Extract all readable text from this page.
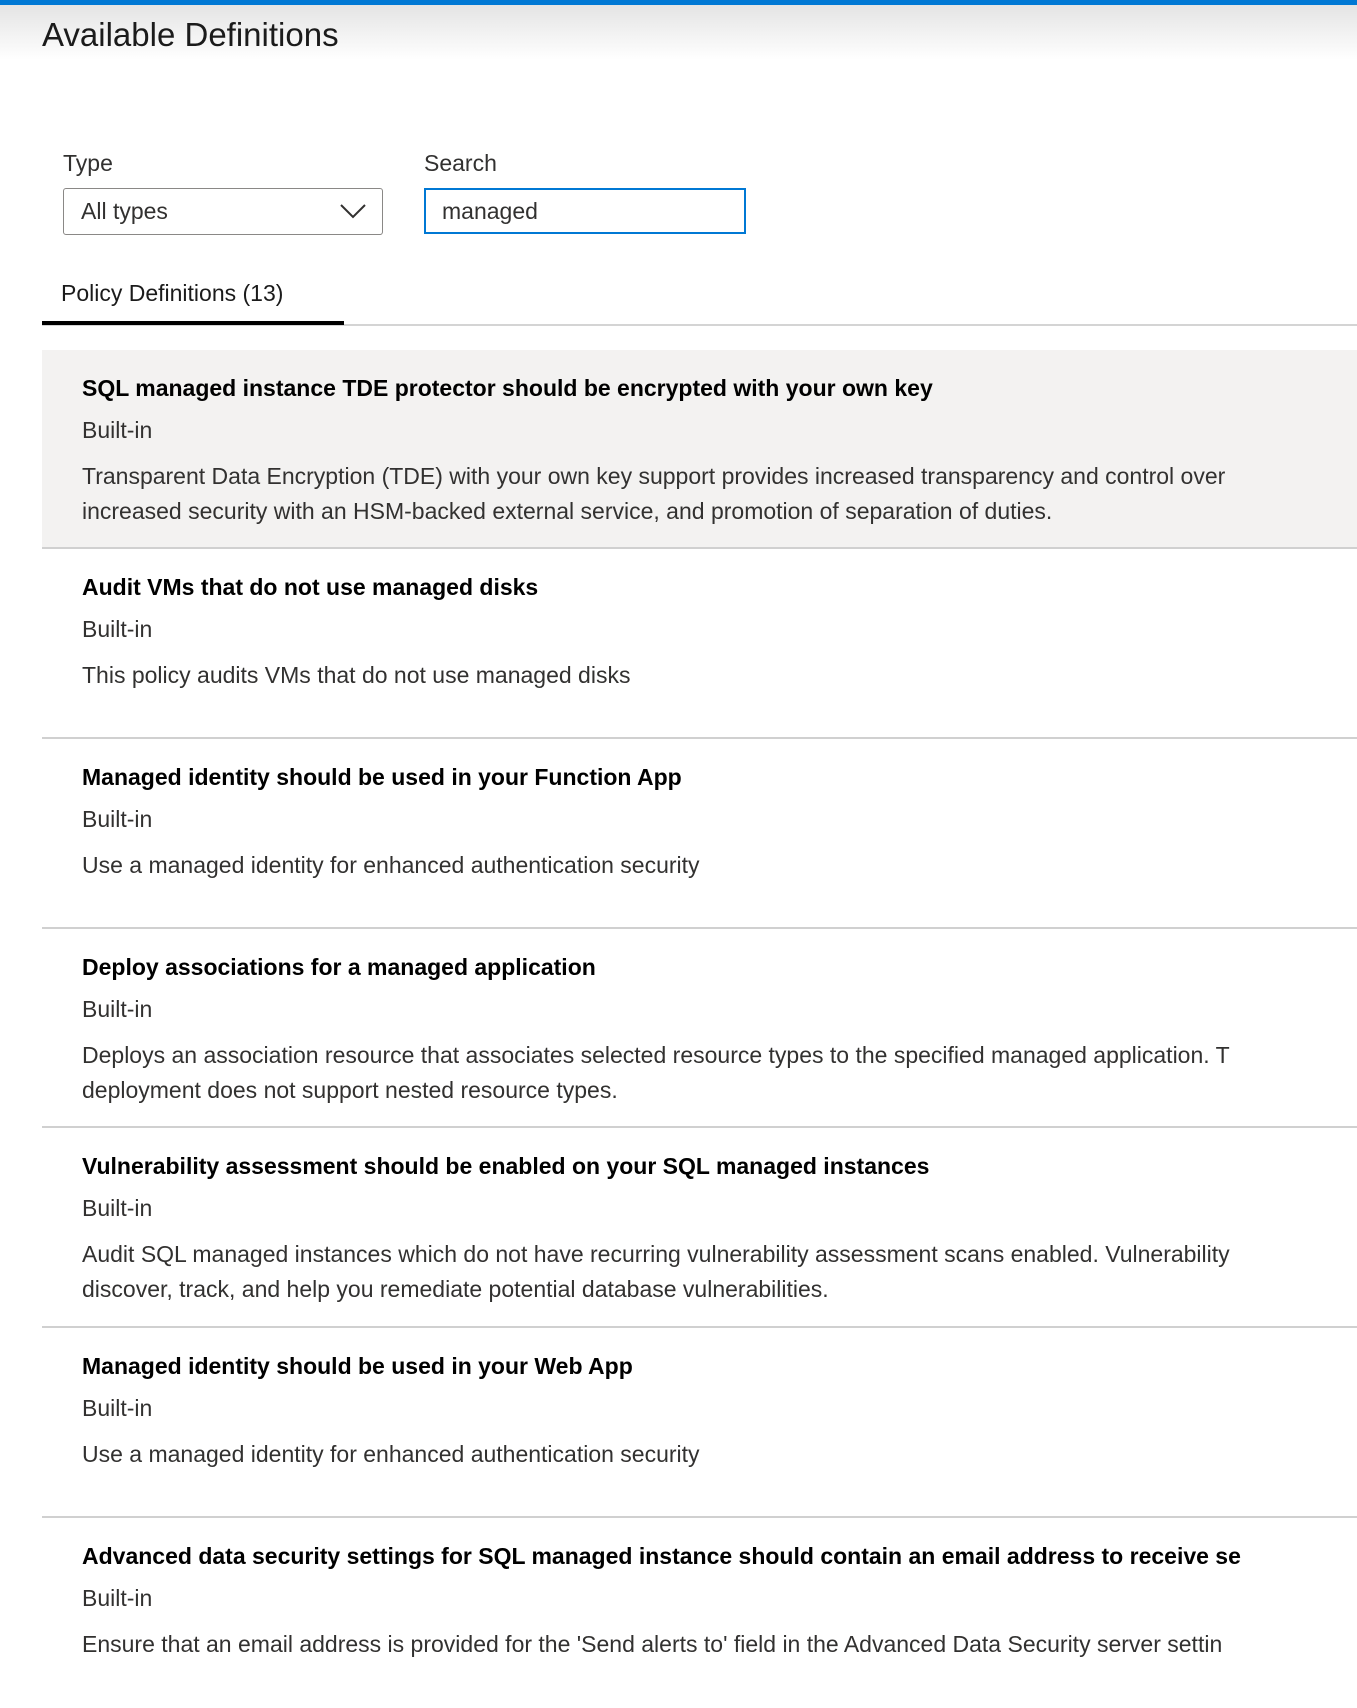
Available Definitions
Type
All types
Search
managed
Policy Definitions (13)
SQL managed instance TDE protector should be encrypted with your own key
Built-in
Transparent Data Encryption (TDE) with your own key support provides increased transparency and control over
increased security with an HSM-backed external service, and promotion of separation of duties.
Audit VMs that do not use managed disks
Built-in
This policy audits VMs that do not use managed disks
Managed identity should be used in your Function App
Built-in
Use a managed identity for enhanced authentication security
Deploy associations for a managed application
Built-in
Deploys an association resource that associates selected resource types to the specified managed application. T
deployment does not support nested resource types.
Vulnerability assessment should be enabled on your SQL managed instances
Built-in
Audit SQL managed instances which do not have recurring vulnerability assessment scans enabled. Vulnerability
discover, track, and help you remediate potential database vulnerabilities.
Managed identity should be used in your Web App
Built-in
Use a managed identity for enhanced authentication security
Advanced data security settings for SQL managed instance should contain an email address to receive se
Built-in
Ensure that an email address is provided for the 'Send alerts to' field in the Advanced Data Security server settin
